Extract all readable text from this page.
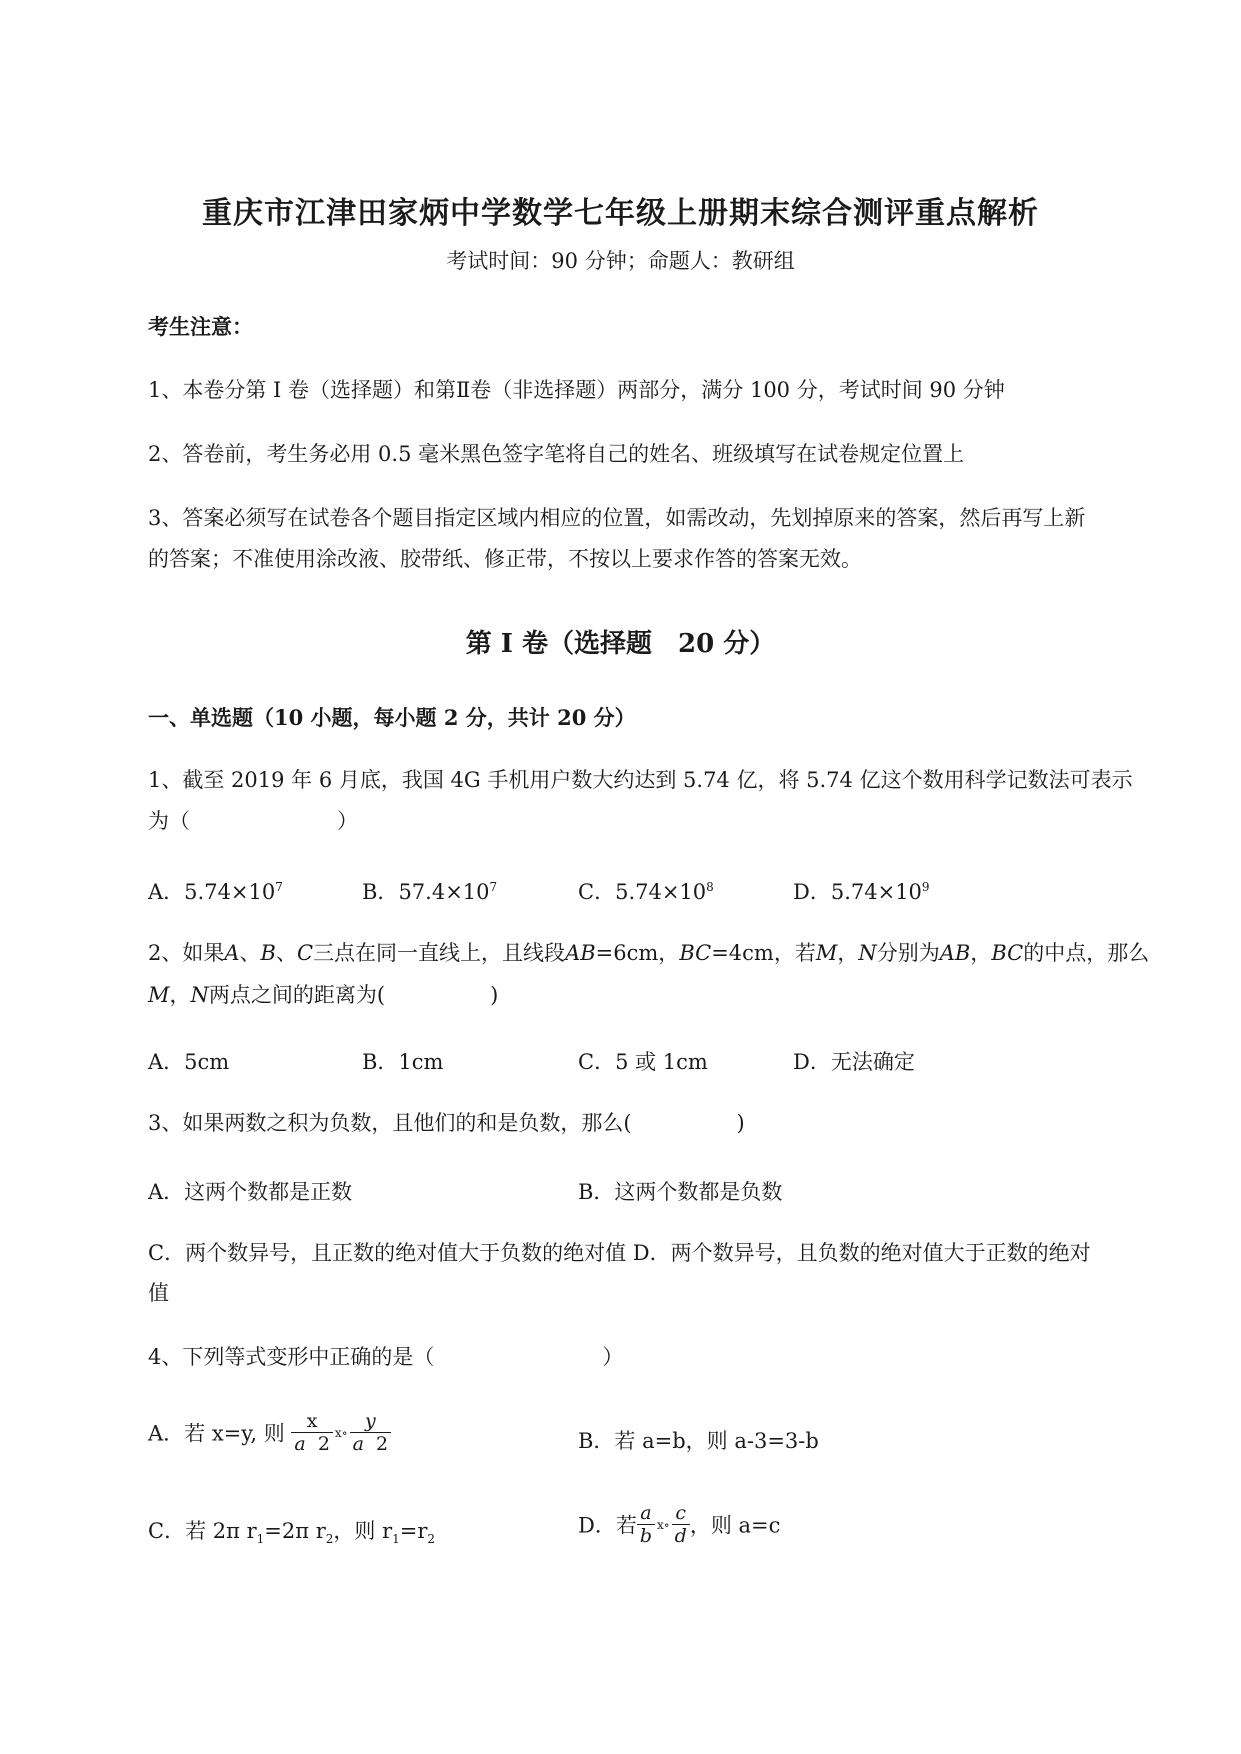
重庆市江津田家炳中学数学七年级上册期末综合测评重点解析
考试时间：90 分钟；命题人：教研组
考生注意：
1、本卷分第 I 卷（选择题）和第Ⅱ卷（非选择题）两部分，满分 100 分，考试时间 90 分钟
2、答卷前，考生务必用 0.5 毫米黑色签字笔将自己的姓名、班级填写在试卷规定位置上
3、答案必须写在试卷各个题目指定区域内相应的位置，如需改动，先划掉原来的答案，然后再写上新
的答案；不准使用涂改液、胶带纸、修正带，不按以上要求作答的答案无效。
第 I 卷（选择题　20 分）
一、单选题（10 小题，每小题 2 分，共计 20 分）
1、截至 2019 年 6 月底，我国 4G 手机用户数大约达到 5.74 亿，将 5.74 亿这个数用科学记数法可表示
为（　　　　　　　）
A．$5.74\times 10^7$	B．$57.4\times 10^7$	C．$5.74\times 10^8$	D．$5.74\times 10^9$
2、如果A、B、C三点在同一直线上，且线段AB=6cm，BC=4cm，若M，N分别为AB，BC的中点，那么
M，N两点之间的距离为(　　　　　)
A．5cm	B．1cm	C．5 或 1cm	D．无法确定
3、如果两数之积为负数，且他们的和是负数，那么(　　　　　)
A．这两个数都是正数	B．这两个数都是负数
C．两个数异号，且正数的绝对值大于负数的绝对值 D．两个数异号，且负数的绝对值大于正数的绝对
值
4、下列等式变形中正确的是（　　　　　　　　）
A．若 x=y, 则 $\frac{x}{a 2}$ ⅹ∘ $\frac{y}{a 2}$	B．若 a=b，则 a-3=3-b
C．若 2π $r_1=2\pi$ $r_2$，则 $r_1=r_2$
D．若 $\frac{a}{b}$ ⅹ∘ $\frac{c}{d}$ ，则 a=c
